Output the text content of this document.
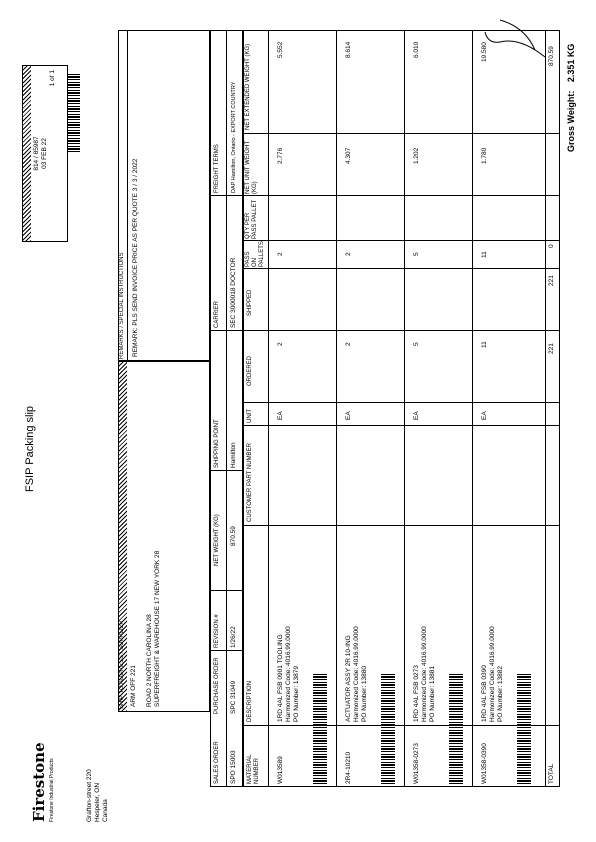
Firestone Firestone Industrial Products	Grafton-street 220 Hespeler, ON Canada
FSIP Packing slip
SHIP TO ADDRESS / SUPPLIER ARM OFF 221 ROAD 2 NORTH CAROLINA 28 SUPERFREIGHT & WAREHOUSE 17 NEW YORK 28
REMARKS / SPECIAL INSTRUCTIONS	REMARK: PLS SEND INVOICE PRICE AS PER QUOTE 3 / 3 / 2022
814 / 85987 03 FEB 22
1 of 1
SALES ORDER
PURCHASE ORDER
REVISION #
NET WEIGHT (KG)
SHIPPING POINT
CARRIER
FREIGHT TERMS
SPO 15003
SPC 31049
1/26/22
870.59
Hamilton
SEC 3000018 DOCTOR
DAP Hamilton, Ontario - EXPORT COUNTRY
MATERIAL NUMBER
DESCRIPTION
CUSTOMER PART NUMBER
UNIT
ORDERED
SHIPPED
PASS ON PALLETS
QTY PER PASS PALLET
NET UNIT WEIGHT (KG)
NET EXTENDED WEIGHT (KG)
W013589
1RD 4AL FSB 0901 TOOLING Harmonized Code: 4016.99.0000 PO Number: 13879
EA
2
2
2.776
5.552
2R4-10210
ACTUATOR ASSY 2R 10-ING Harmonized Code: 4016.99.0000 PO Number: 13880
EA
2
2
4.307
8.614
W01358-0273
1RD 4AL FSB 0273 Harmonized Code: 4016.99.0000 PO Number: 13881
EA
5
5
1.202
6.010
W01358-0390
1RD 4AL FSB 0390 Harmonized Code: 4016.99.0000 PO Number: 13882
EA
11
11
1.780
19.580
TOTAL
221
221
0
870.59
Gross Weight: 2.351 KG
